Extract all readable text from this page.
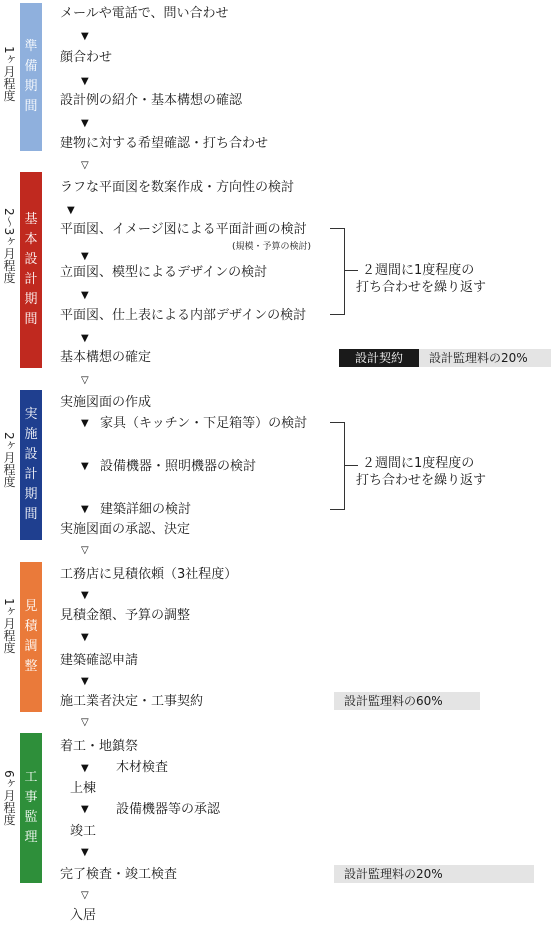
1ヶ月程度 準
備
期
間
2〜3ヶ月程度 基
本
設
計
期
間
2ヶ月程度
実
施
設
計
期
間
1ヶ月程度 見
積
調
整
6ヶ月程度 工
事
監
理
メールや電話で、問い合わせ
▼
顔合わせ
▼
設計例の紹介・基本構想の確認
▼
建物に対する希望確認・打ち合わせ
▽
ラフな平面図を数案作成・方向性の検討
▼
平面図、イメージ図による平面計画の検討
(規模・予算の検討)
▼
立面図、模型によるデザインの検討
▼
平面図、仕上表による内部デザインの検討
▼
基本構想の確定
▽
２週間に1度程度の
打ち合わせを繰り返す
設計契約	設計監理料の20%
実施図面の作成
▼ 家具（キッチン・下足箱等）の検討
▼ 設備機器・照明機器の検討
▼ 建築詳細の検討
実施図面の承認、決定
▽
２週間に1度程度の
打ち合わせを繰り返す
工務店に見積依頼（3社程度）
▼
見積金額、予算の調整
▼
建築確認申請
▼
施工業者決定・工事契約
▽
設計監理料の60%
着工・地鎮祭
▼ 木材検査
上棟
▼ 設備機器等の承認
竣工
▼
完了検査・竣工検査
▽
入居
設計監理料の20%
